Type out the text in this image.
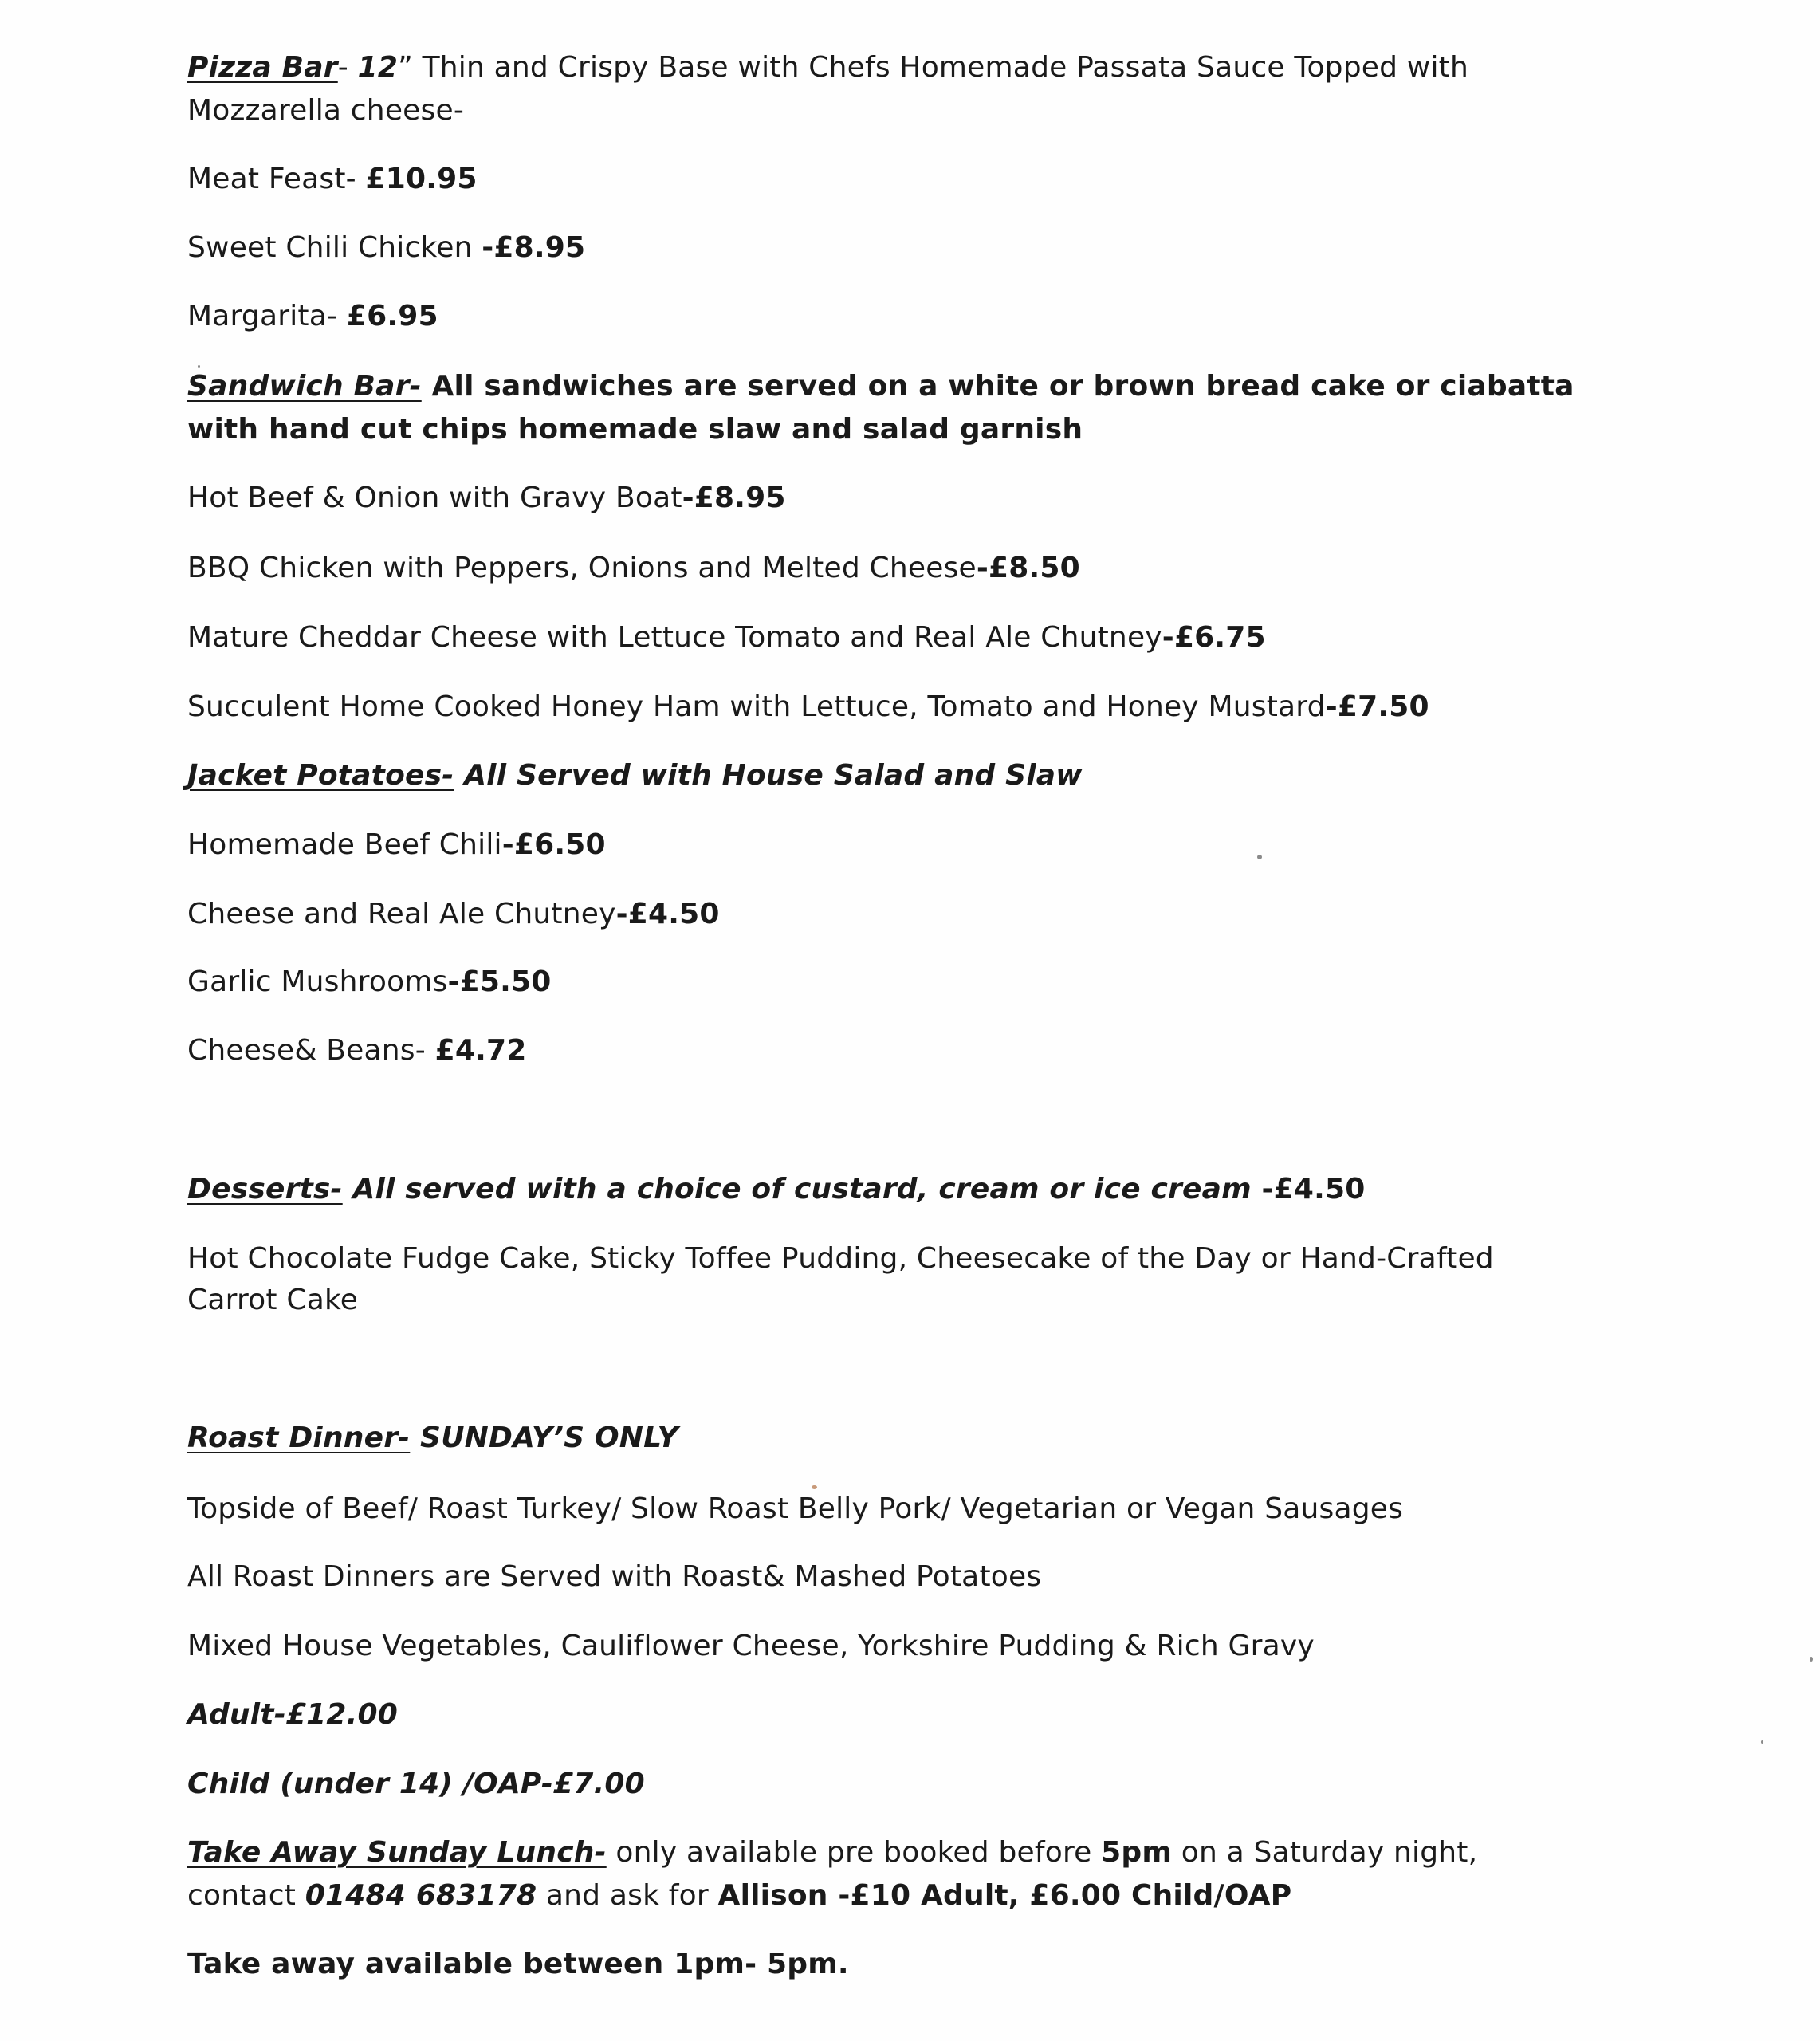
Pizza Bar- 12” Thin and Crispy Base with Chefs Homemade Passata Sauce Topped with Mozzarella cheese-
Meat Feast- £10.95
Sweet Chili Chicken -£8.95
Margarita- £6.95
Sandwich Bar- All sandwiches are served on a white or brown bread cake or ciabatta with hand cut chips homemade slaw and salad garnish
Hot Beef & Onion with Gravy Boat-£8.95
BBQ Chicken with Peppers, Onions and Melted Cheese-£8.50
Mature Cheddar Cheese with Lettuce Tomato and Real Ale Chutney-£6.75
Succulent Home Cooked Honey Ham with Lettuce, Tomato and Honey Mustard-£7.50
Jacket Potatoes- All Served with House Salad and Slaw
Homemade Beef Chili-£6.50
Cheese and Real Ale Chutney-£4.50
Garlic Mushrooms-£5.50
Cheese& Beans- £4.72
Desserts- All served with a choice of custard, cream or ice cream -£4.50
Hot Chocolate Fudge Cake, Sticky Toffee Pudding, Cheesecake of the Day or Hand-Crafted Carrot Cake
Roast Dinner- SUNDAY’S ONLY
Topside of Beef/ Roast Turkey/ Slow Roast Belly Pork/ Vegetarian or Vegan Sausages
All Roast Dinners are Served with Roast& Mashed Potatoes
Mixed House Vegetables, Cauliflower Cheese, Yorkshire Pudding & Rich Gravy
Adult-£12.00
Child (under 14) /OAP-£7.00
Take Away Sunday Lunch- only available pre booked before 5pm on a Saturday night, contact 01484 683178 and ask for Allison -£10 Adult, £6.00 Child/OAP
Take away available between 1pm- 5pm.
